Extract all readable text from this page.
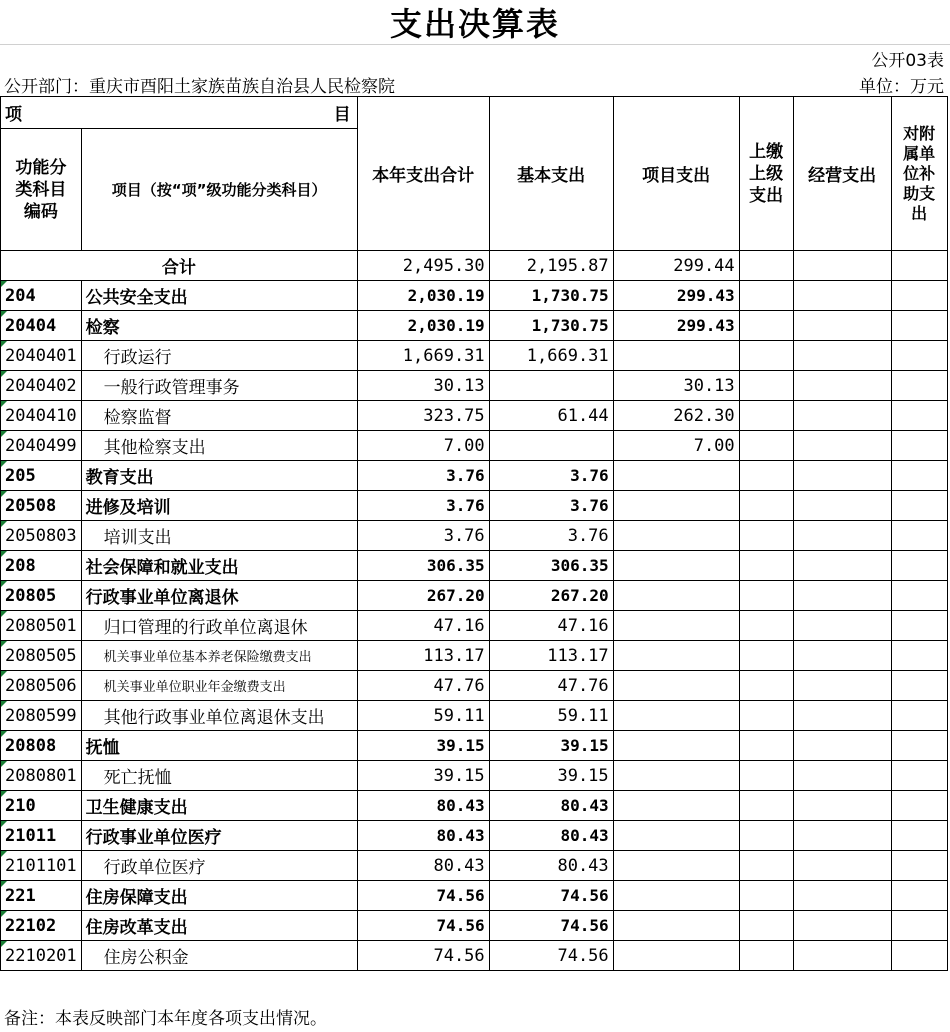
支出决算表
公开03表
公开部门：重庆市酉阳土家族苗族自治县人民检察院	单位：万元
项 目		本年支出合计	基本支出	项目支出	上缴上级支出	经营支出	对附属单位补助支出
功能分类科目编码	项目（按“项”级功能分类科目）						
合计		2,495.30	2,195.87	299.44			
204	公共安全支出	2,030.19	1,730.75	299.43			
20404	检察	2,030.19	1,730.75	299.43			
2040401	行政运行	1,669.31	1,669.31				
2040402	一般行政管理事务	30.13		30.13			
2040410	检察监督	323.75	61.44	262.30			
2040499	其他检察支出	7.00		7.00			
205	教育支出	3.76	3.76				
20508	进修及培训	3.76	3.76				
2050803	培训支出	3.76	3.76				
208	社会保障和就业支出	306.35	306.35				
20805	行政事业单位离退休	267.20	267.20				
2080501	归口管理的行政单位离退休	47.16	47.16				
2080505	机关事业单位基本养老保险缴费支出	113.17	113.17				
2080506	机关事业单位职业年金缴费支出	47.76	47.76				
2080599	其他行政事业单位离退休支出	59.11	59.11				
20808	抚恤	39.15	39.15				
2080801	死亡抚恤	39.15	39.15				
210	卫生健康支出	80.43	80.43				
21011	行政事业单位医疗	80.43	80.43				
2101101	行政单位医疗	80.43	80.43				
221	住房保障支出	74.56	74.56				
22102	住房改革支出	74.56	74.56				
2210201	住房公积金	74.56	74.56				
备注：本表反映部门本年度各项支出情况。
